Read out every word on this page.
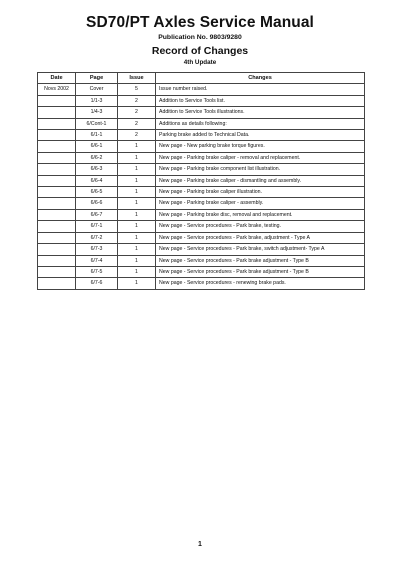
SD70/PT Axles Service Manual
Publication No. 9803/9280
Record of Changes
4th Update
Date	Page	Issue	Changes
Novs 2002	Cover	5	Issue number raised.
	1/1-3	2	Addition to Service Tools list.
	1/4-3	2	Addition to Service Tools illustrations.
	6/Cont-1	2	Additions as details following:
	6/1-1	2	Parking brake added to Technical Data.
	6/6-1	1	New page - New parking brake torque figures.
	6/6-2	1	New page - Parking brake caliper - removal and replacement.
	6/6-3	1	New page - Parking brake component list illustration.
	6/6-4	1	New page - Parking brake caliper - dismantling and assembly.
	6/6-5	1	New page - Parking brake caliper illustration.
	6/6-6	1	New page - Parking brake caliper - assembly.
	6/6-7	1	New page - Parking brake disc, removal and replacement.
	6/7-1	1	New page - Service procedures - Park brake, testing.
	6/7-2	1	New page - Service procedures - Park brake, adjustment - Type A
	6/7-3	1	New page - Service procedures - Park brake, switch adjustment- Type A
	6/7-4	1	New page - Service procedures - Park brake adjustment - Type B
	6/7-5	1	New page - Service procedures - Park brake adjustment - Type B
	6/7-6	1	New page - Service procedures - renewing brake pads.
1
